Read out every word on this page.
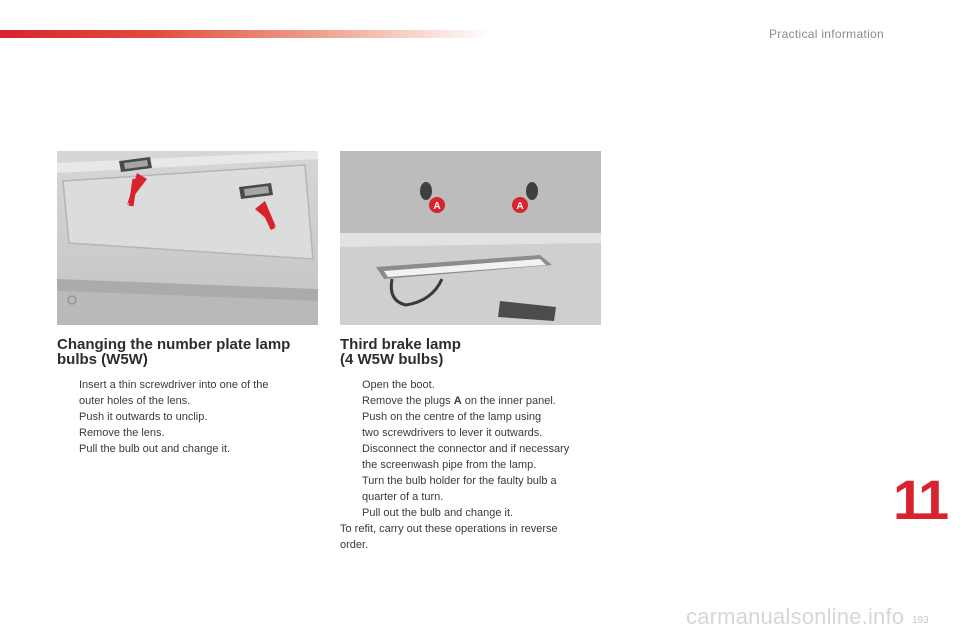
Practical information
A	A
Changing the number plate lamp
bulbs (W5W)
Insert a thin screwdriver into one of the
outer holes of the lens.
Push it outwards to unclip.
Remove the lens.
Pull the bulb out and change it.
Third brake lamp
(4 W5W bulbs)
Open the boot.
Remove the plugs A on the inner panel.
Push on the centre of the lamp using
two screwdrivers to lever it outwards.
Disconnect the connector and if necessary
the screenwash pipe from the lamp.
Turn the bulb holder for the faulty bulb a
quarter of a turn.
Pull out the bulb and change it.

To refit, carry out these operations in reverse
order.

11
carmanualsonline.info 193
